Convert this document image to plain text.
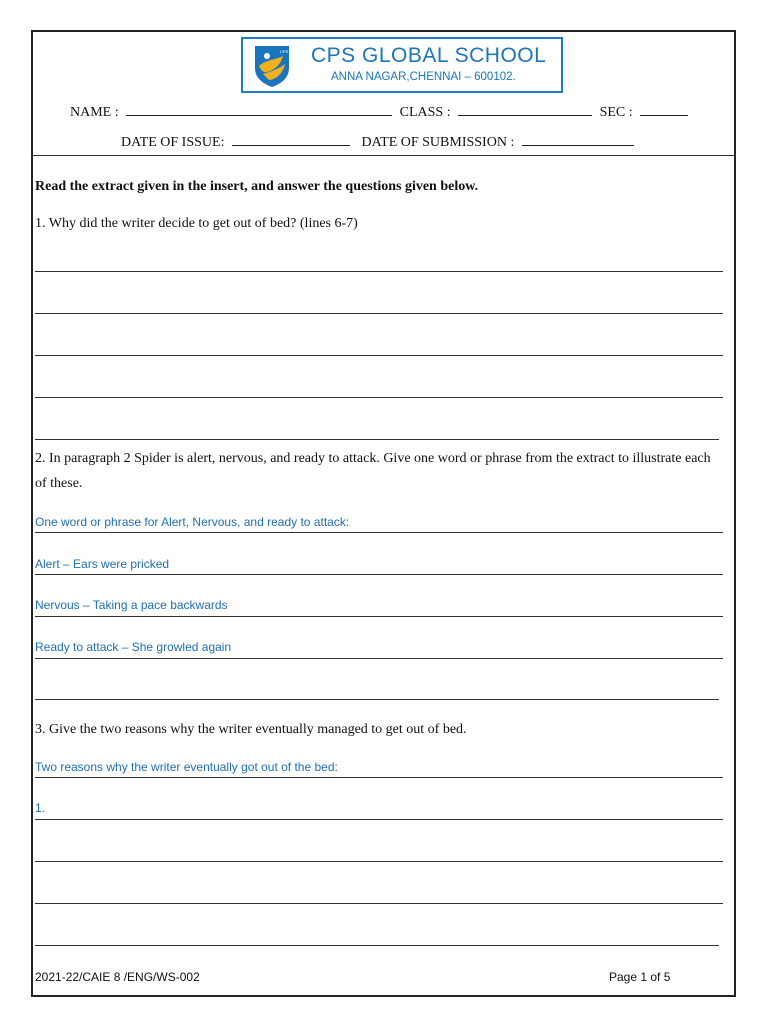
CPS CPS GLOBAL SCHOOL
ANNA NAGAR,CHENNAI – 600102.
NAME :	CLASS :	SEC :
DATE OF ISSUE:	DATE OF SUBMISSION :
Read the extract given in the insert, and answer the questions given below.
1. Why did the writer decide to get out of bed? (lines 6-7)
2. In paragraph 2 Spider is alert, nervous, and ready to attack. Give one word or phrase from the extract to illustrate each of these.
One word or phrase for Alert, Nervous, and ready to attack:
Alert – Ears were pricked
Nervous – Taking a pace backwards
Ready to attack – She growled again
3. Give the two reasons why the writer eventually managed to get out of bed.
Two reasons why the writer eventually got out of the bed:
1.
2021-22/CAIE 8 /ENG/WS-002	Page 1 of 5
